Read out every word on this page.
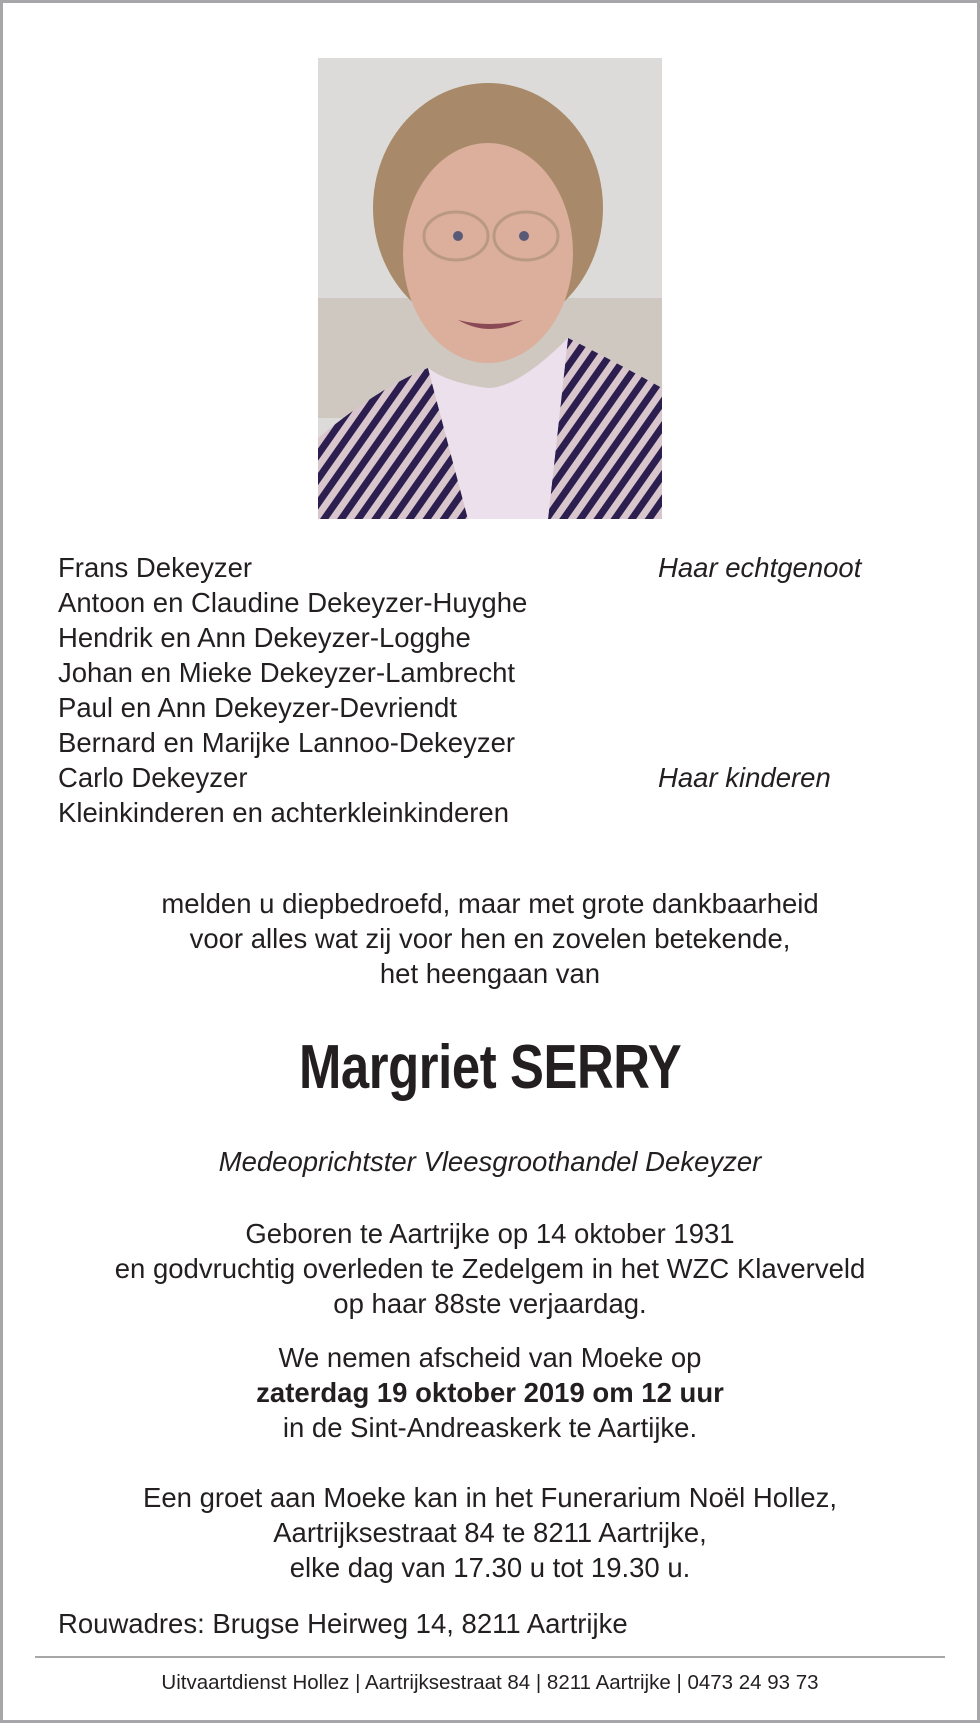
Frans Dekeyzer
Antoon en Claudine Dekeyzer-Huyghe
Hendrik en Ann Dekeyzer-Logghe
Johan en Mieke Dekeyzer-Lambrecht
Paul en Ann Dekeyzer-Devriendt
Bernard en Marijke Lannoo-Dekeyzer
Carlo Dekeyzer
Kleinkinderen en achterkleinkinderen
Haar echtgenoot
Haar kinderen
melden u diepbedroefd, maar met grote dankbaarheid
voor alles wat zij voor hen en zovelen betekende,
het heengaan van
Margriet SERRY
Medeoprichtster Vleesgroothandel Dekeyzer
Geboren te Aartrijke op 14 oktober 1931
en godvruchtig overleden te Zedelgem in het WZC Klaverveld
op haar 88ste verjaardag.
We nemen afscheid van Moeke op
zaterdag 19 oktober 2019 om 12 uur
in de Sint-Andreaskerk te Aartijke.
Een groet aan Moeke kan in het Funerarium Noël Hollez,
Aartrijksestraat 84 te 8211 Aartrijke,
elke dag van 17.30 u tot 19.30 u.
Rouwadres: Brugse Heirweg 14, 8211 Aartrijke
Uitvaartdienst Hollez | Aartrijksestraat 84 | 8211 Aartrijke | 0473 24 93 73
